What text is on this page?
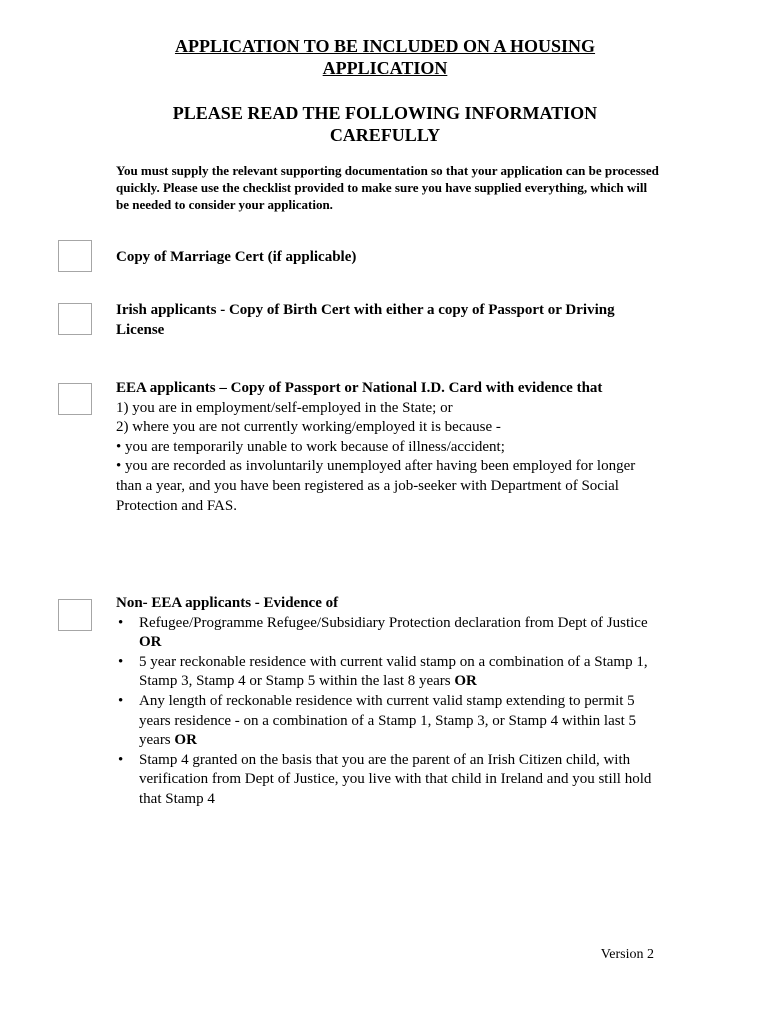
APPLICATION TO BE INCLUDED ON A HOUSING APPLICATION
PLEASE READ THE FOLLOWING INFORMATION CAREFULLY
You must supply the relevant supporting documentation so that your application can be processed quickly. Please use the checklist provided to make sure you have supplied everything, which will be needed to consider your application.
Copy of Marriage Cert (if applicable)
Irish applicants - Copy of Birth Cert with either a copy of Passport or Driving License
EEA applicants – Copy of Passport or National I.D. Card with evidence that
1) you are in employment/self-employed in the State; or
2) where you are not currently working/employed it is because -
• you are temporarily unable to work because of illness/accident;
• you are recorded as involuntarily unemployed after having been employed for longer than a year, and you have been registered as a job-seeker with Department of Social Protection and FAS.
Non- EEA applicants - Evidence of
• Refugee/Programme Refugee/Subsidiary Protection declaration from Dept of Justice OR
• 5 year reckonable residence with current valid stamp on a combination of a Stamp 1, Stamp 3, Stamp 4 or Stamp 5 within the last 8 years OR
• Any length of reckonable residence with current valid stamp extending to permit 5 years residence - on a combination of a Stamp 1, Stamp 3, or Stamp 4 within last 5 years OR
• Stamp 4 granted on the basis that you are the parent of an Irish Citizen child, with verification from Dept of Justice, you live with that child in Ireland and you still hold that Stamp 4
Version 2
